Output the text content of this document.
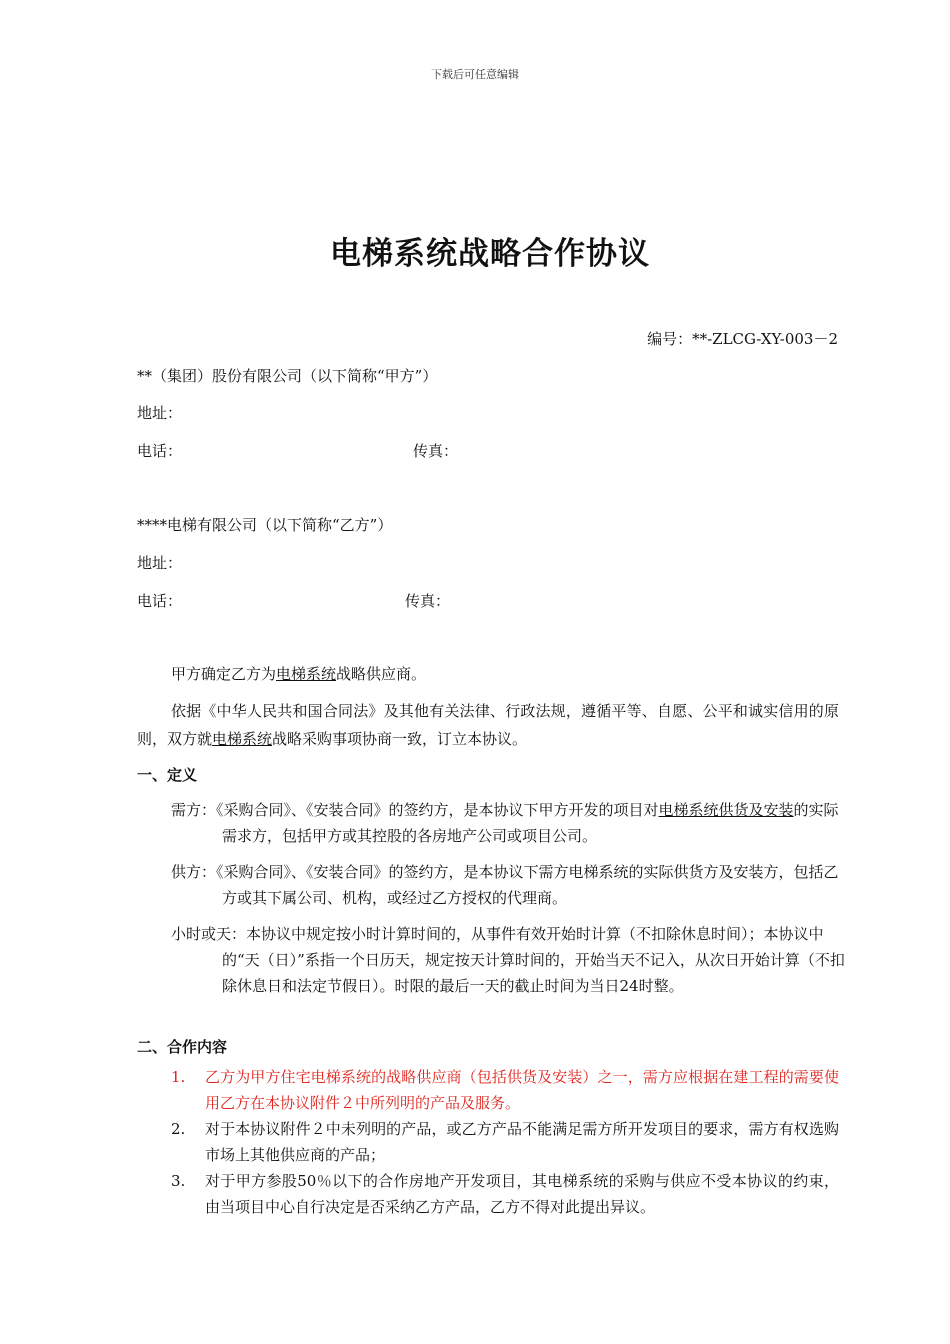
下载后可任意编辑
电梯系统战略合作协议
编号：**-ZLCG-XY-003－2
**（集团）股份有限公司（以下简称“甲方”）
地址：
电话：	传真：
****电梯有限公司（以下简称“乙方”）
地址：
电话：	传真：
甲方确定乙方为电梯系统战略供应商。
依据《中华人民共和国合同法》及其他有关法律、行政法规，遵循平等、自愿、公平和诚实信用的原则，双方就电梯系统战略采购事项协商一致，订立本协议。
一、定义
需方：《采购合同》、《安装合同》的签约方，是本协议下甲方开发的项目对电梯系统供货及安装的实际需求方，包括甲方或其控股的各房地产公司或项目公司。
供方：《采购合同》、《安装合同》的签约方，是本协议下需方电梯系统的实际供货方及安装方，包括乙方或其下属公司、机构，或经过乙方授权的代理商。
小时或天：本协议中规定按小时计算时间的，从事件有效开始时计算（不扣除休息时间）；本协议中的“天（日）”系指一个日历天，规定按天计算时间的，开始当天不记入，从次日开始计算（不扣除休息日和法定节假日）。时限的最后一天的截止时间为当日24时整。
二、合作内容
1. 乙方为甲方住宅电梯系统的战略供应商（包括供货及安装）之一，需方应根据在建工程的需要使用乙方在本协议附件２中所列明的产品及服务。
2. 对于本协议附件２中未列明的产品，或乙方产品不能满足需方所开发项目的要求，需方有权选购市场上其他供应商的产品；
3. 对于甲方参股50％以下的合作房地产开发项目，其电梯系统的采购与供应不受本协议的约束，由当项目中心自行决定是否采纳乙方产品，乙方不得对此提出异议。
